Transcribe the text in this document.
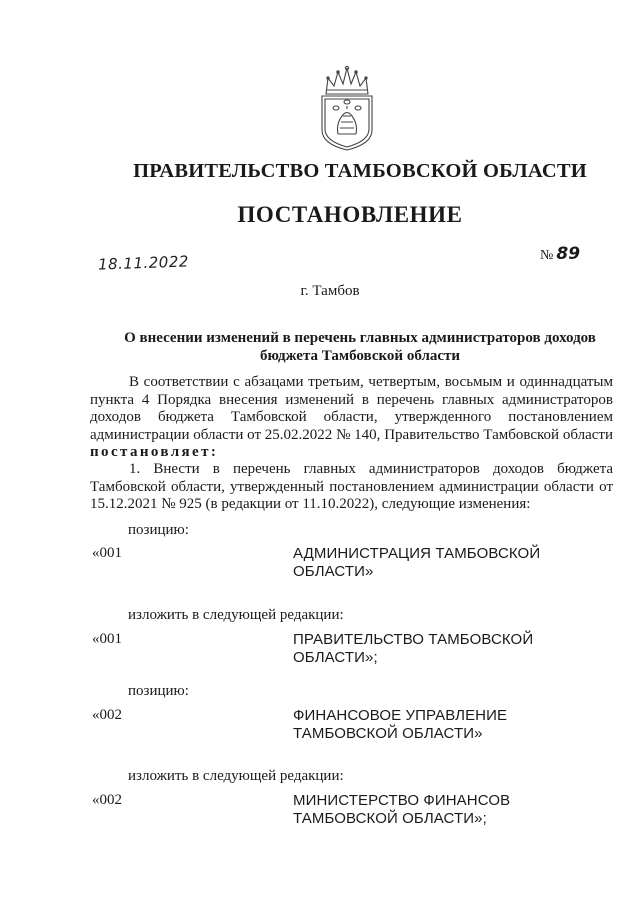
ПРАВИТЕЛЬСТВО ТАМБОВСКОЙ ОБЛАСТИ
ПОСТАНОВЛЕНИЕ
18.11.2022	№ 89
г. Тамбов
О внесении изменений в перечень главных администраторов доходов
бюджета Тамбовской области
В соответствии с абзацами третьим, четвертым, восьмым и одиннадцатым пункта 4 Порядка внесения изменений в перечень главных администраторов доходов бюджета Тамбовской области, утвержденного постановлением администрации области от 25.02.2022 № 140, Правительство Тамбовской области постановляет:
1. Внести в перечень главных администраторов доходов бюджета Тамбовской области, утвержденный постановлением администрации области от 15.12.2021 № 925 (в редакции от 11.10.2022), следующие изменения:
позицию:
«001	АДМИНИСТРАЦИЯ ТАМБОВСКОЙ ОБЛАСТИ»
изложить в следующей редакции:
«001	ПРАВИТЕЛЬСТВО ТАМБОВСКОЙ ОБЛАСТИ»;
позицию:
«002	ФИНАНСОВОЕ УПРАВЛЕНИЕ ТАМБОВСКОЙ ОБЛАСТИ»
изложить в следующей редакции:
«002	МИНИСТЕРСТВО ФИНАНСОВ ТАМБОВСКОЙ ОБЛАСТИ»;
